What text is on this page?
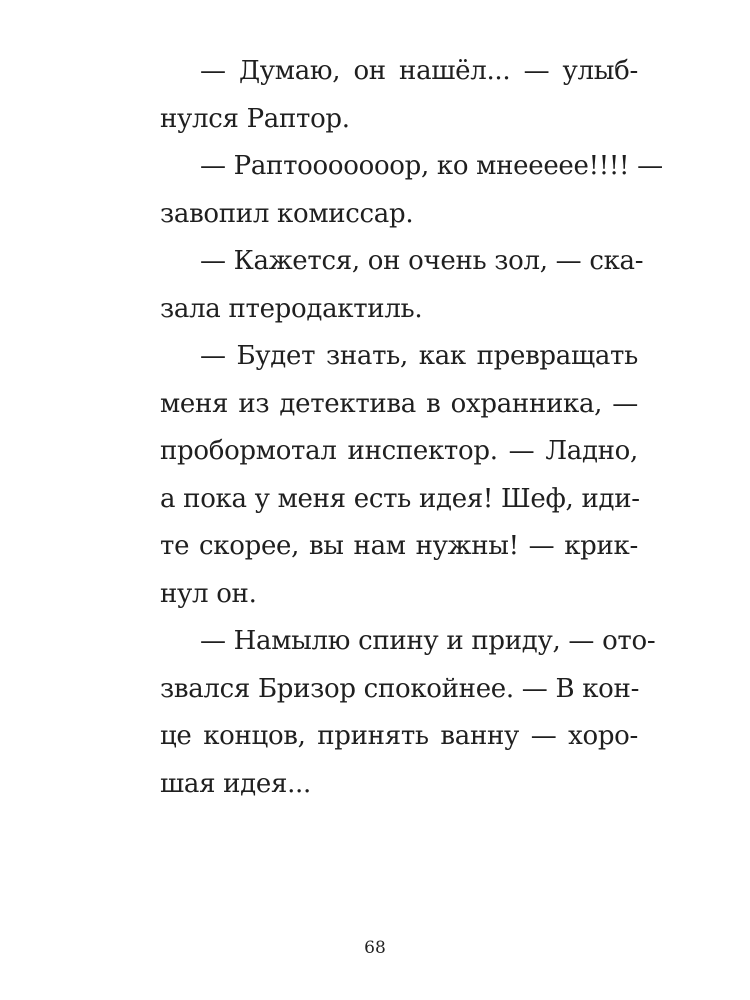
— Думаю, он нашёл... — улыб-
нулся Раптор.
— Раптооооооор, ко мнеееее!!!! —
завопил комиссар.
— Кажется, он очень зол, — ска-
зала птеродактиль.
— Будет знать, как превращать
меня из детектива в охранника, —
пробормотал инспектор. — Ладно,
а пока у меня есть идея! Шеф, иди-
те скорее, вы нам нужны! — крик-
нул он.
— Намылю спину и приду, — ото-
звался Бризор спокойнее. — В кон-
це концов, принять ванну — хоро-
шая идея...
68
